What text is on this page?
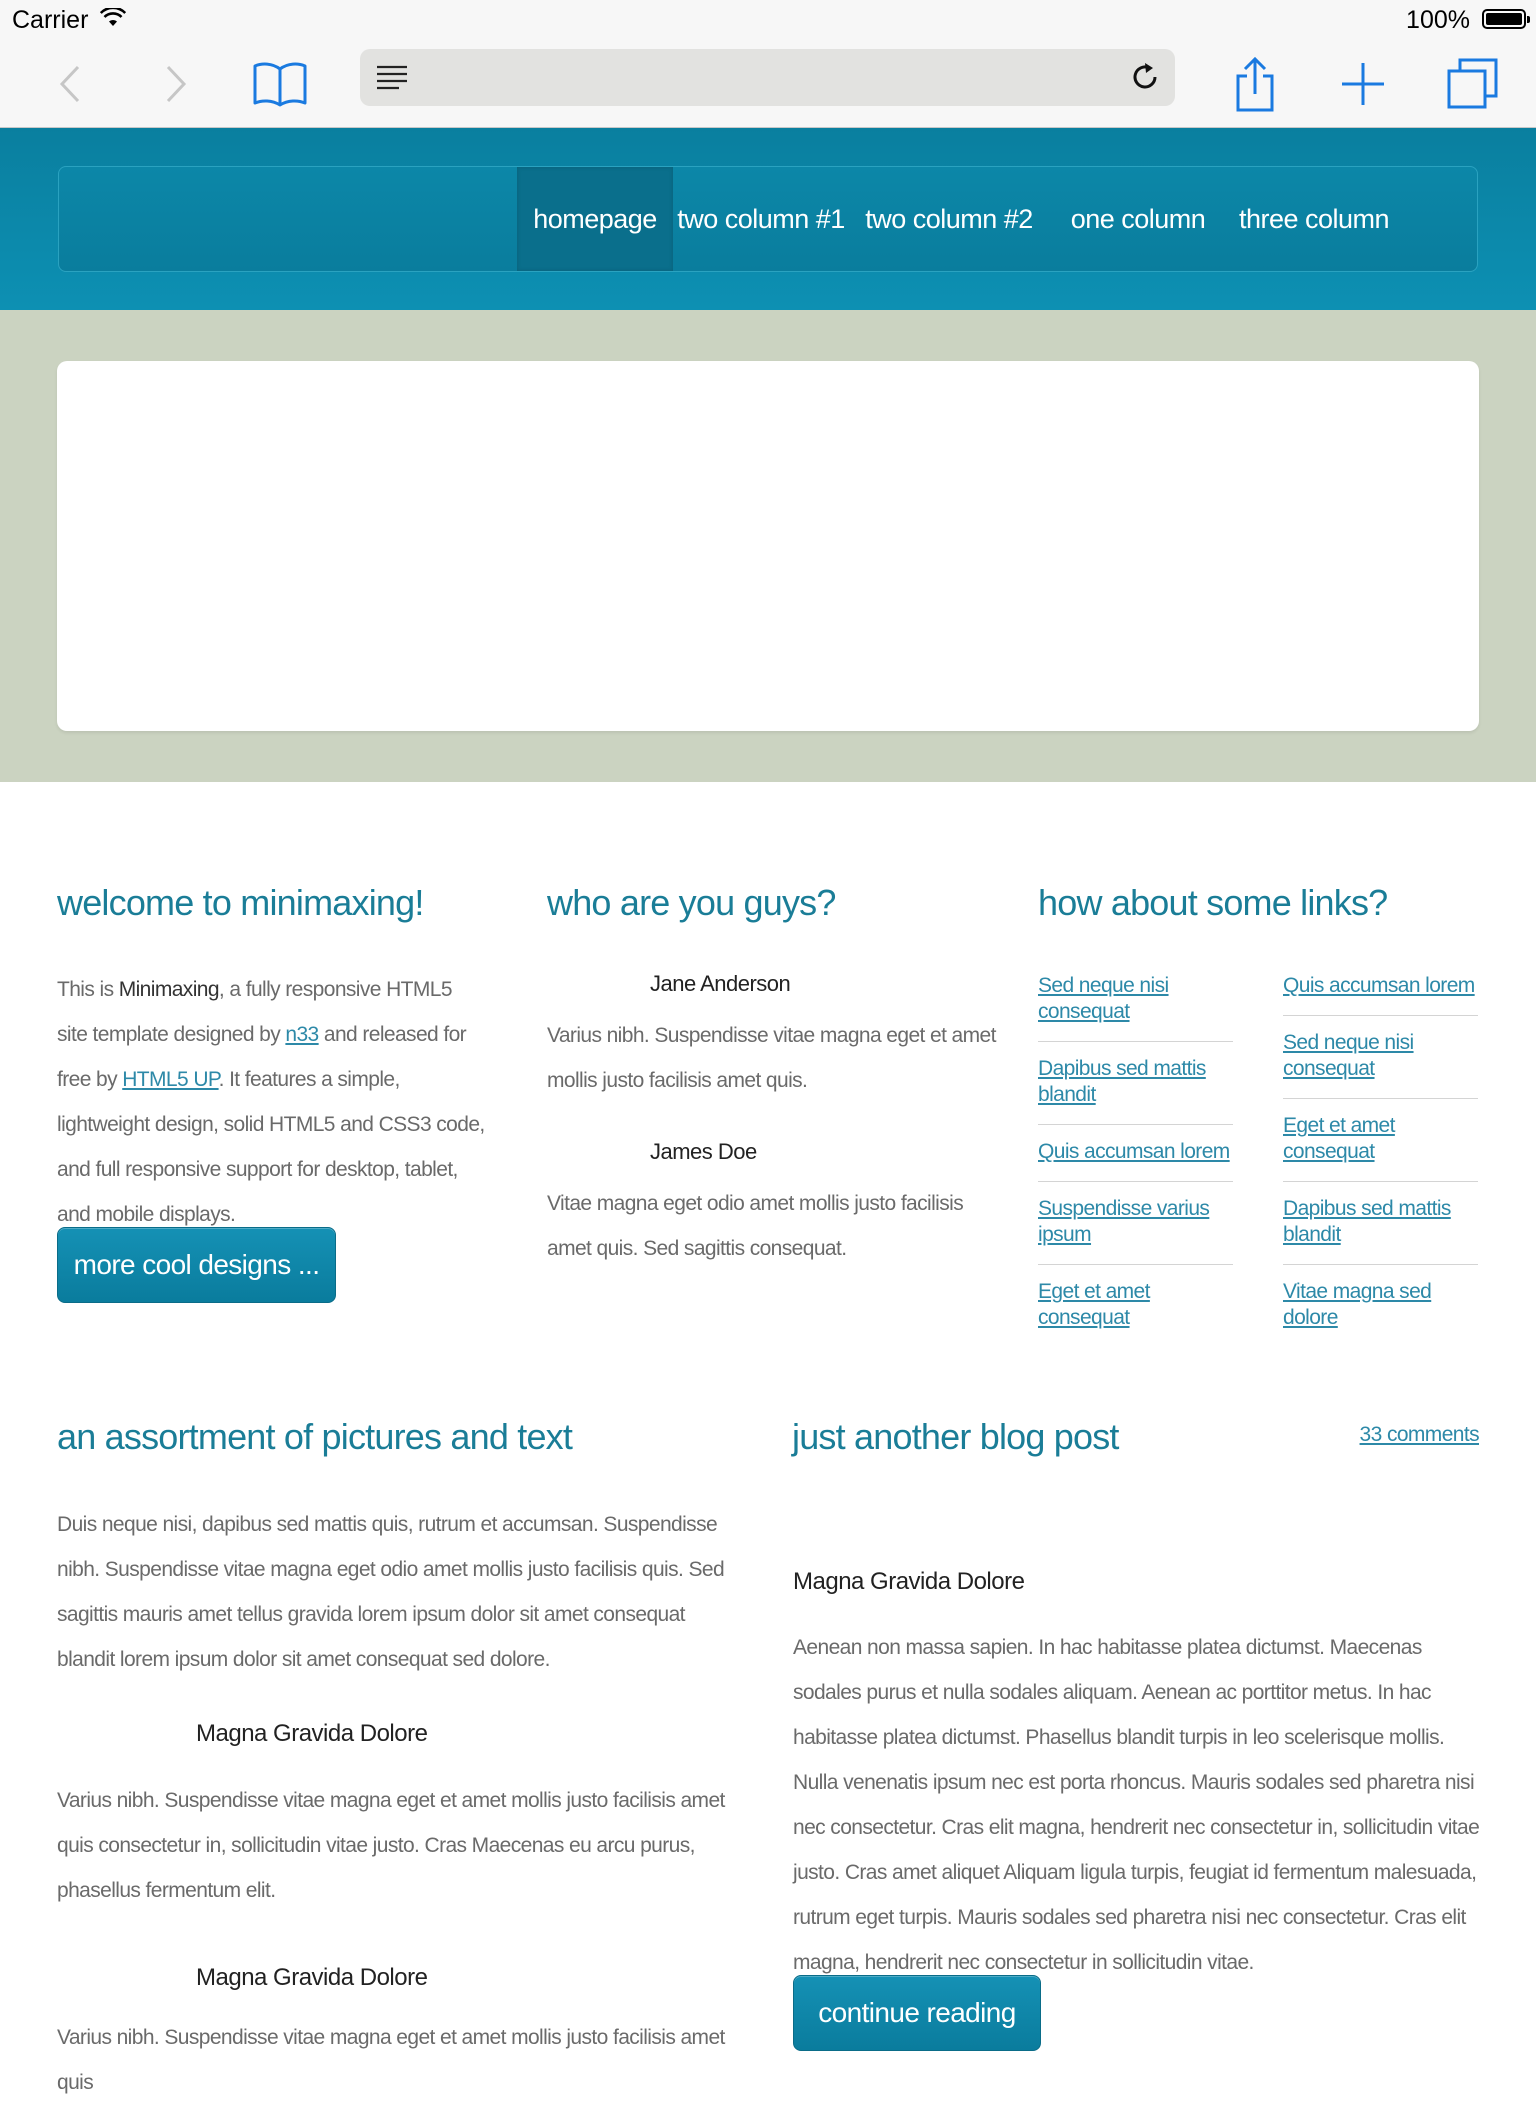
Carrier	100%
homepage two column #1 two column #2	one column	three column
welcome to minimaxing!
This is Minimaxing, a fully responsive HTML5 site template designed by n33 and released for free by HTML5 UP. It features a simple, lightweight design, solid HTML5 and CSS3 code, and full responsive support for desktop, tablet, and mobile displays.
more cool designs ...
who are you guys?
Jane Anderson
Varius nibh. Suspendisse vitae magna eget et amet mollis justo facilisis amet quis.
James Doe
Vitae magna eget odio amet mollis justo facilisis amet quis. Sed sagittis consequat.
how about some links?
Sed neque nisi consequat
Dapibus sed mattis blandit
Quis accumsan lorem
Suspendisse varius ipsum
Eget et amet consequat
Quis accumsan lorem
Sed neque nisi consequat
Eget et amet consequat
Dapibus sed mattis blandit
Vitae magna sed dolore
an assortment of pictures and text
Duis neque nisi, dapibus sed mattis quis, rutrum et accumsan. Suspendisse nibh. Suspendisse vitae magna eget odio amet mollis justo facilisis quis. Sed sagittis mauris amet tellus gravida lorem ipsum dolor sit amet consequat blandit lorem ipsum dolor sit amet consequat sed dolore.
Magna Gravida Dolore
Varius nibh. Suspendisse vitae magna eget et amet mollis justo facilisis amet quis consectetur in, sollicitudin vitae justo. Cras Maecenas eu arcu purus, phasellus fermentum elit.
Magna Gravida Dolore
Varius nibh. Suspendisse vitae magna eget et amet mollis justo facilisis amet quis
just another blog post	33 comments
Magna Gravida Dolore
Aenean non massa sapien. In hac habitasse platea dictumst. Maecenas sodales purus et nulla sodales aliquam. Aenean ac porttitor metus. In hac habitasse platea dictumst. Phasellus blandit turpis in leo scelerisque mollis. Nulla venenatis ipsum nec est porta rhoncus. Mauris sodales sed pharetra nisi nec consectetur. Cras elit magna, hendrerit nec consectetur in, sollicitudin vitae justo. Cras amet aliquet Aliquam ligula turpis, feugiat id fermentum malesuada, rutrum eget turpis. Mauris sodales sed pharetra nisi nec consectetur. Cras elit magna, hendrerit nec consectetur in sollicitudin vitae.
continue reading
